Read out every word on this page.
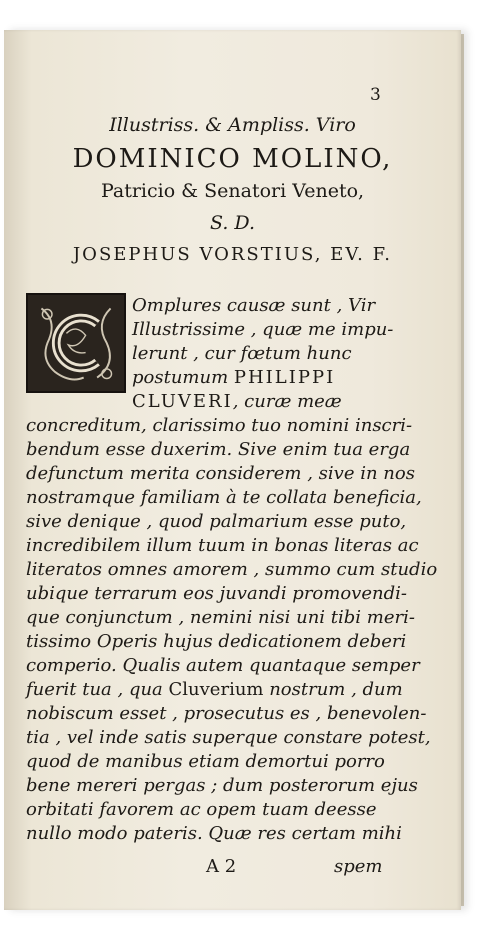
3
Illustriss. & Ampliss. Viro
DOMINICO MOLINO,
Patricio & Senatori Veneto,
S. D.
JOSEPHUS VORSTIUS, EV. F.
Omplures causæ sunt , Vir
Illustrissime , quæ me impu-
lerunt , cur fœtum hunc
postumum PHILIPPI
CLUVERI, curæ meæ
concreditum, clarissimo tuo nomini inscri-
bendum esse duxerim. Sive enim tua erga
defunctum merita considerem , sive in nos
nostramque familiam à te collata beneficia,
sive denique , quod palmarium esse puto,
incredibilem illum tuum in bonas literas ac
literatos omnes amorem , summo cum studio
ubique terrarum eos juvandi promovendi-
que conjunctum , nemini nisi uni tibi meri-
tissimo Operis hujus dedicationem deberi
comperio. Qualis autem quantaque semper
fuerit tua , qua Cluverium nostrum , dum
nobiscum esset , prosecutus es , benevolen-
tia , vel inde satis superque constare potest,
quod de manibus etiam demortui porro
bene mereri pergas ; dum posterorum ejus
orbitati favorem ac opem tuam deesse
nullo modo pateris. Quæ res certam mihi
A 2	spem
